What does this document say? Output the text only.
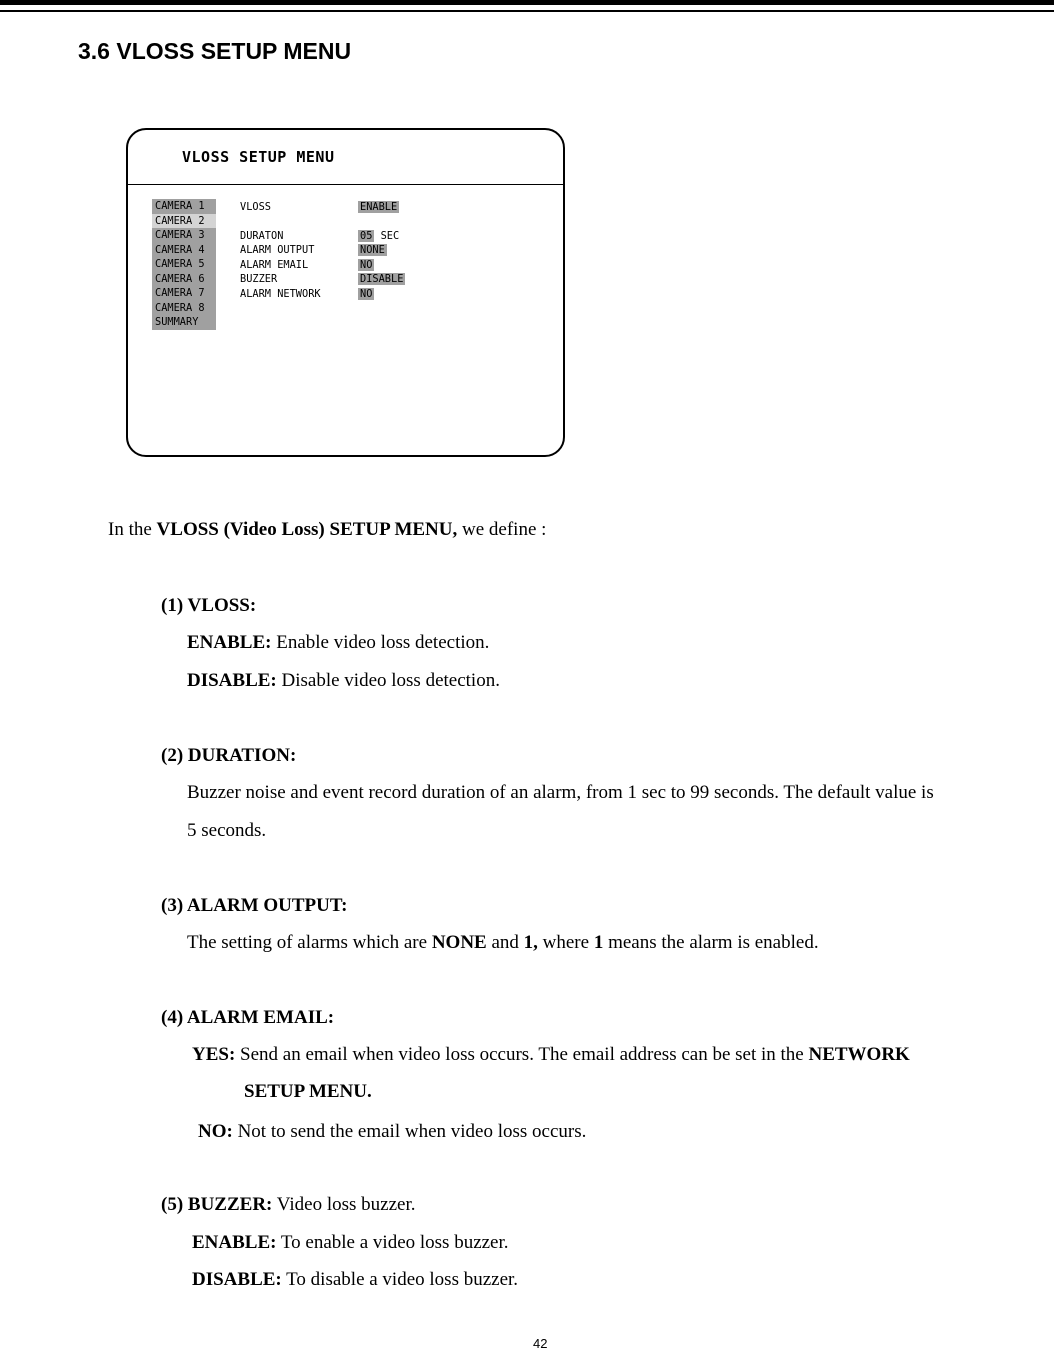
3.6 VLOSS SETUP MENU
VLOSS SETUP MENU
CAMERA 1
CAMERA 2
CAMERA 3
CAMERA 4
CAMERA 5
CAMERA 6
CAMERA 7
CAMERA 8
SUMMARY
VLOSS	ENABLE
DURATON	05 SEC
ALARM OUTPUT	NONE
ALARM EMAIL	NO
BUZZER	DISABLE
ALARM NETWORK	NO
In the VLOSS (Video Loss) SETUP MENU, we define :
(1) VLOSS:
ENABLE: Enable video loss detection.
DISABLE: Disable video loss detection.
(2) DURATION:
Buzzer noise and event record duration of an alarm, from 1 sec to 99 seconds. The default value is
5 seconds.
(3) ALARM OUTPUT:
The setting of alarms which are NONE and 1, where 1 means the alarm is enabled.
(4) ALARM EMAIL:
YES: Send an email when video loss occurs. The email address can be set in the NETWORK
SETUP MENU.
NO: Not to send the email when video loss occurs.
(5) BUZZER: Video loss buzzer.
ENABLE: To enable a video loss buzzer.
DISABLE: To disable a video loss buzzer.
42
